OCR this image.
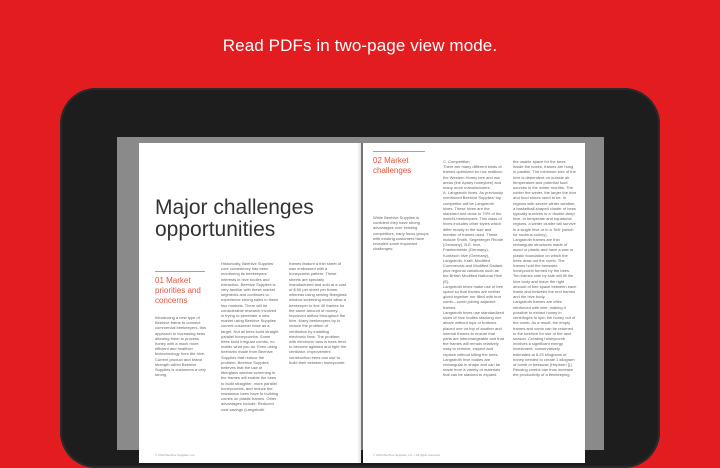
Read PDFs in two-page view mode.
Major challenges
opportunities
01 Market
priorities and
concerns
Introducing a new type of Beehive frame to connect commercial beekeepers, this approach to increasing bees allowing them to process honey with a much more efficient and healthier biotechnology from the hive. Current product and brand strength within Beehive Supplies is customers a very strong.
Historically, Beehive Supplies' core consistency has been monitoring its beekeepers' interests in hive bodies and extraction. Beehive Supplies is very familiar with these market segments and continues to experience strong sales in these two markets. There will be considerable research involved in trying to penetrate a new market using Beehive Supplies current customer base as a target. Not all bees build straight parallel honeycombs. Some bees build irregular combs, no matter what you do. Even using beehives made from Beehive Supplies that reduce the problem, Beehive Supplies believes that the use of fiberglass window screening in the frames will enable the bees to build straighter, more parallel honeycombs, and reduce the resistance bees have to building combs on plastic frames. Other advantages include: Reduced cost savings (Langstroth
frames feature a thin sheet of wax embossed with a honeycomb pattern. These sheets are specially manufactured and sold at a cost of $.50 per sheet per frame, whereas using sewing fiberglass window screening would allow a beekeeper to line 40 frames for the same amount of money. Improved airflow throughout the hive. Many beekeepers try to reduce the problem of ventilation by installing electronic fans. The problem with electronic fans is bees tend to become agitated and fight the ventilator. Improvement construction bees can use to build their between honeycomb.
© 2013 Beehive Supplies, Inc.
02 Market
challenges
While Beehive Supplies is confident they have strong advantages over existing competitors, early focus groups with existing customers have revealed some important challenges:
C. Competition
There are many different kinds of frames optimized for nuc mailbox; the Western Honey bee and nuc areas (the Apiary honeybee) and many more manufacturers.
A. Langstroth hives. As previously mentioned Beehive Supplies' top competitor will be Langstroth hives. These hives are the standard and close to 70% of the world's beekeepers. This class of hives includes other styles which differ mostly in the size and number of frames used. These include Smith, Segeberger Rhode (Germany), B.E. hive, Frankenheide (Germany), Kuntzsch hive (Germany), Langstroth, Kraft, Modified Commercial and Modified Dadant, plus regional variations such as the British Modified National Hive (E).
Langstroth hives make use of bee space so that frames are neither glued together nor filled with burr comb—comb joining adjacent frames.
Langstroth hives use standardized sizes of hive bodies stacking one above without tops or bottoms placed one on top of another and internal frames to ensure that parts are interchangeable and that the frames will remain relatively easy to remove, inspect and replace without killing the bees. Langstroth hive bodies are rectangular in shape and can be made from a variety of materials that can be stacked to expand
the usable space for the bees inside the boxes, frames are hung in parallel. The minimum size of the hive is dependent on outside air temperature and potential food sources in the winter months. The colder the winter, the larger the hive and food stores need to be. In regions with severe winter weather, a basketball-shaped cluster of bees typically survives in a 'double-deep' hive. In temperate and equatorial regions, a winter cluster will survive in a single hive or in a '5x5' (which for nucleus colony).
Langstroth frames are thin rectangular structures made of wood or plastic and have a wax or plastic foundation on which the bees draw out the comb. The frames hold the beeswax honeycomb formed by the bees. Ten frames side by side will fill the hive body and leave the right amount of bee space between each frame and between the end frames and the hive body.
Langstroth frames are often reinforced with wire, making it possible to extract honey in centrifuges to spin the honey out of the comb. As a result, the empty frames and comb can be returned to the beehive for use of the next season. Creating honeycomb involves a significant energy investment; conservatively estimated at 8.25 kilograms of honey needed to create 1 kilogram of comb or beeswax (Hepburn [].) Reusing combs can thus increase the productivity of a beekeeping
© 2013 Beehive Supplies, Inc. • All rights reserved.
